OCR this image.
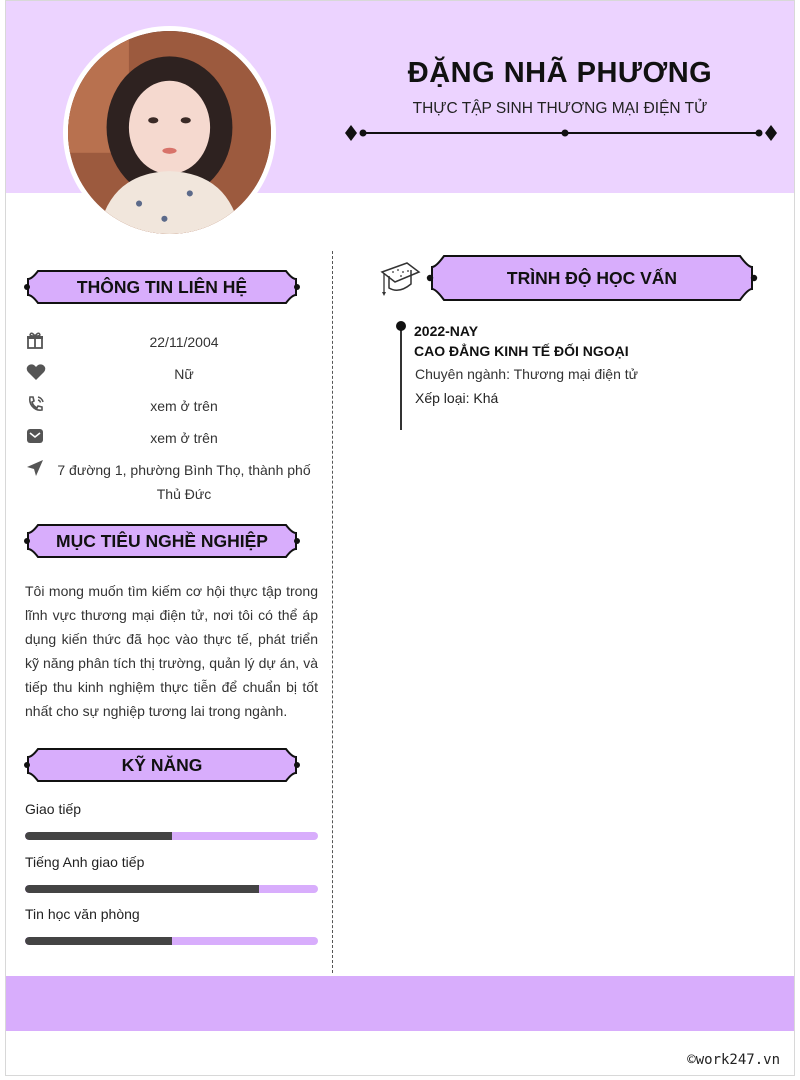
ĐẶNG NHÃ PHƯƠNG
THỰC TẬP SINH THƯƠNG MẠI ĐIỆN TỬ
THÔNG TIN LIÊN HỆ
22/11/2004
Nữ
xem ở trên
xem ở trên
7 đường 1, phường Bình Thọ, thành phố Thủ Đức
MỤC TIÊU NGHỀ NGHIỆP
Tôi mong muốn tìm kiếm cơ hội thực tập trong lĩnh vực thương mại điện tử, nơi tôi có thể áp dụng kiến thức đã học vào thực tế, phát triển kỹ năng phân tích thị trường, quản lý dự án, và tiếp thu kinh nghiệm thực tiễn để chuẩn bị tốt nhất cho sự nghiệp tương lai trong ngành.
KỸ NĂNG
Giao tiếp
Tiếng Anh giao tiếp
Tin học văn phòng
TRÌNH ĐỘ HỌC VẤN
2022-NAY
CAO ĐẲNG KINH TẾ ĐỐI NGOẠI
Chuyên ngành: Thương mại điện tử
Xếp loại: Khá
©work247.vn
